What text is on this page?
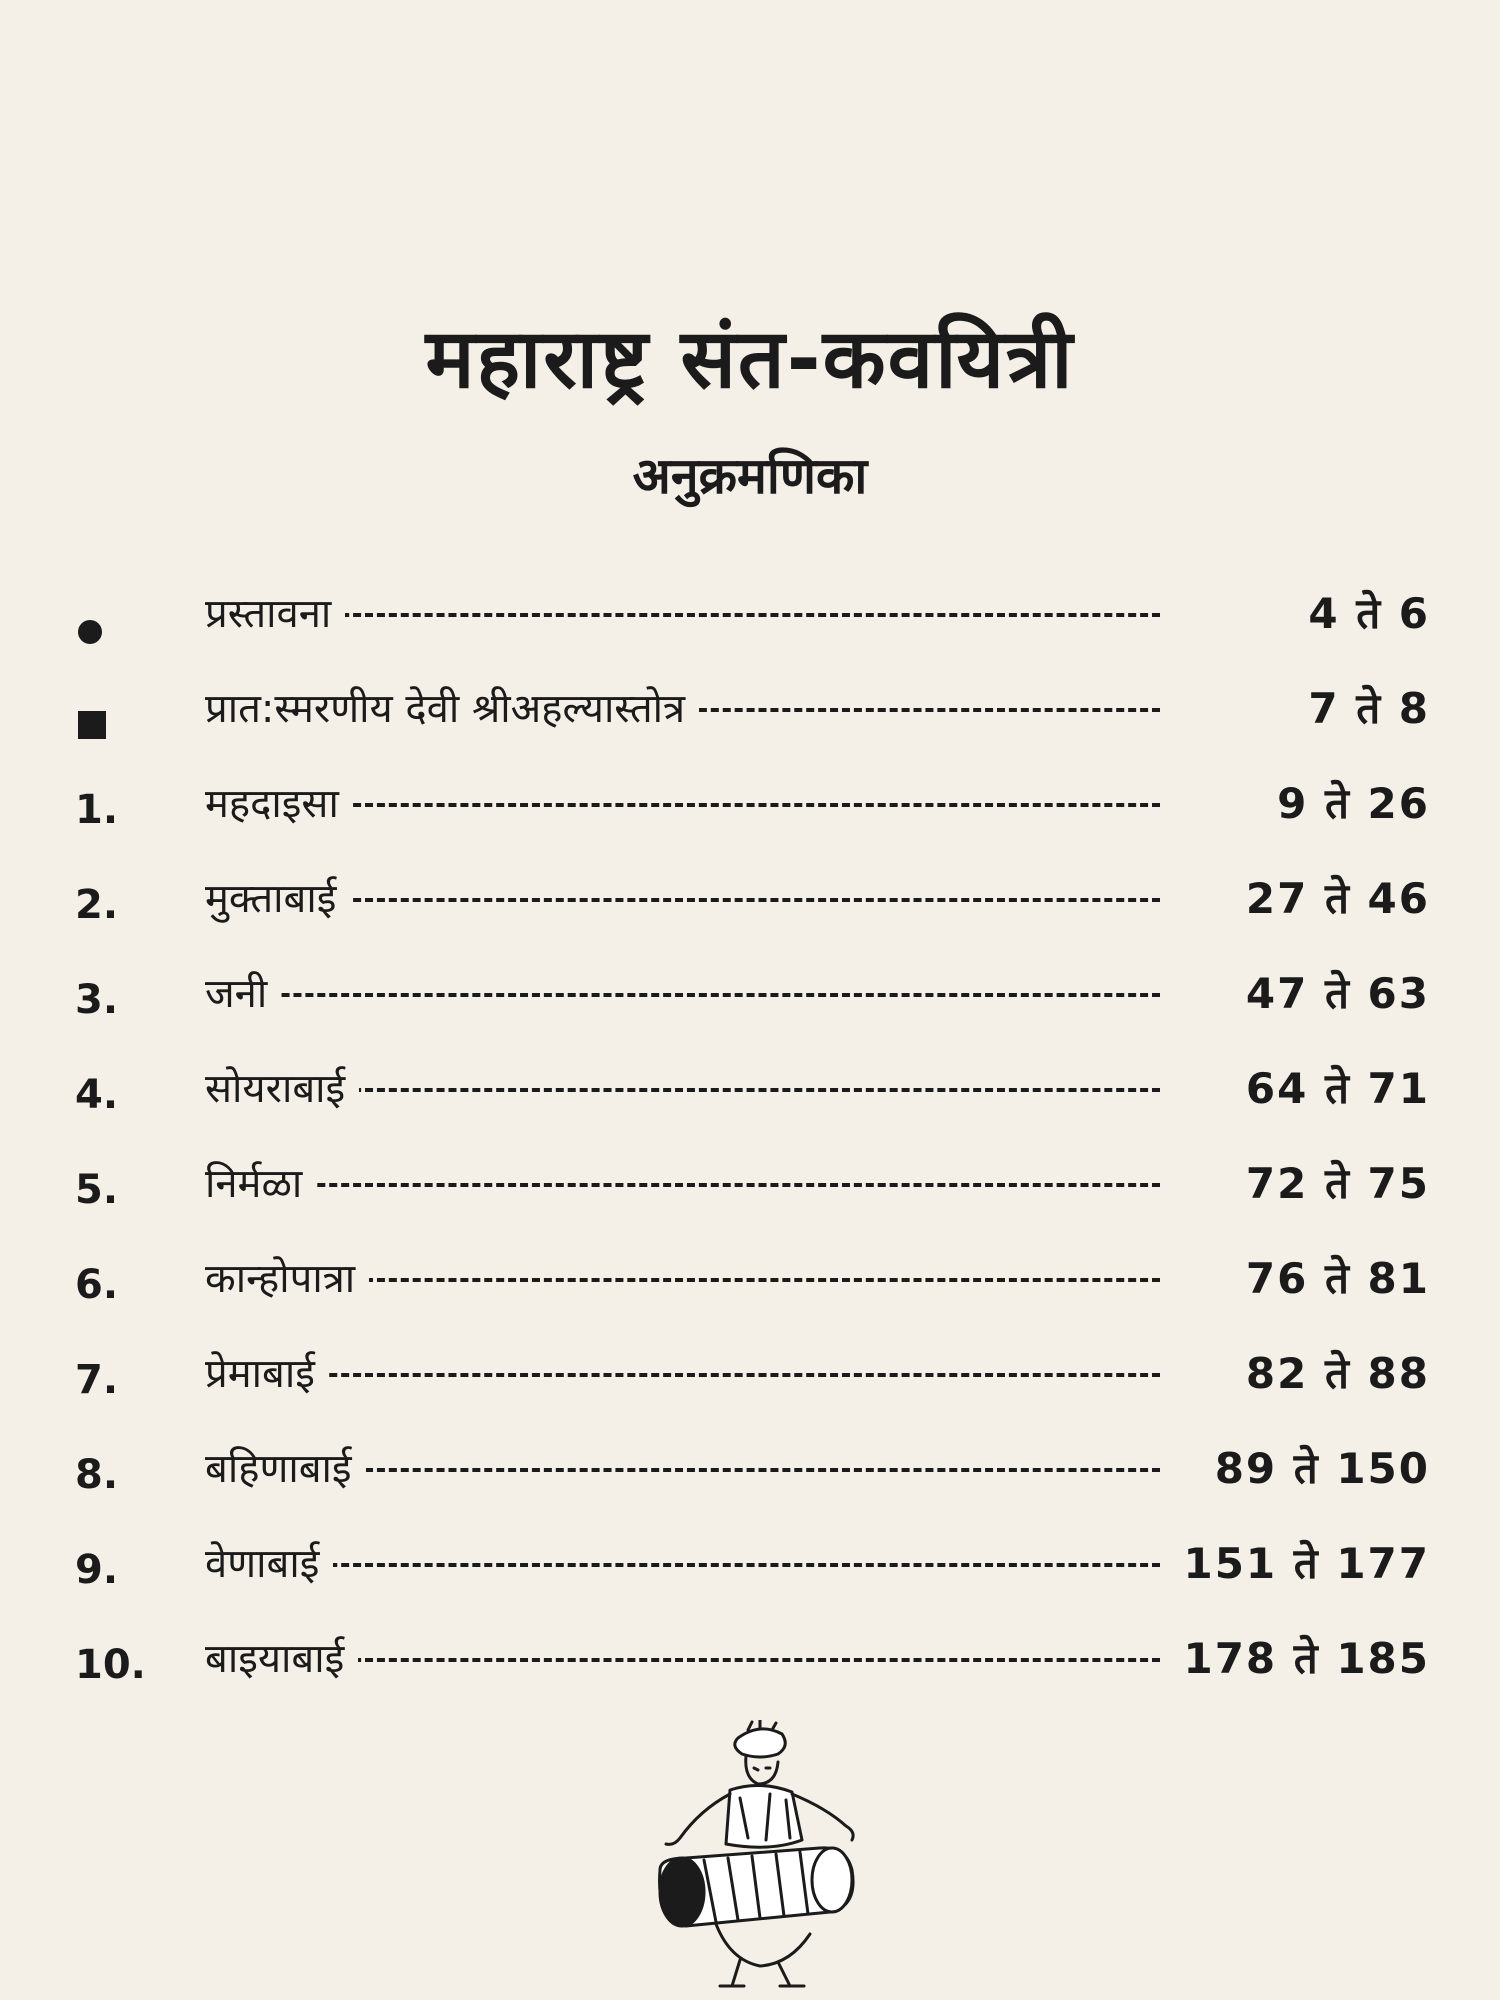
महाराष्ट्र संत-कवयित्री
अनुक्रमणिका
प्रस्तावना	4 ते 6
प्रात:स्मरणीय देवी श्रीअहल्यास्तोत्र	7 ते 8
1.	महदाइसा	9 ते 26
2.	मुक्ताबाई	27 ते 46
3.	जनी	47 ते 63
4.	सोयराबाई	64 ते 71
5.	निर्मळा	72 ते 75
6.	कान्होपात्रा	76 ते 81
7.	प्रेमाबाई	82 ते 88
8.	बहिणाबाई	89 ते 150
9.	वेणाबाई	151 ते 177
10. बाइयाबाई	178 ते 185
